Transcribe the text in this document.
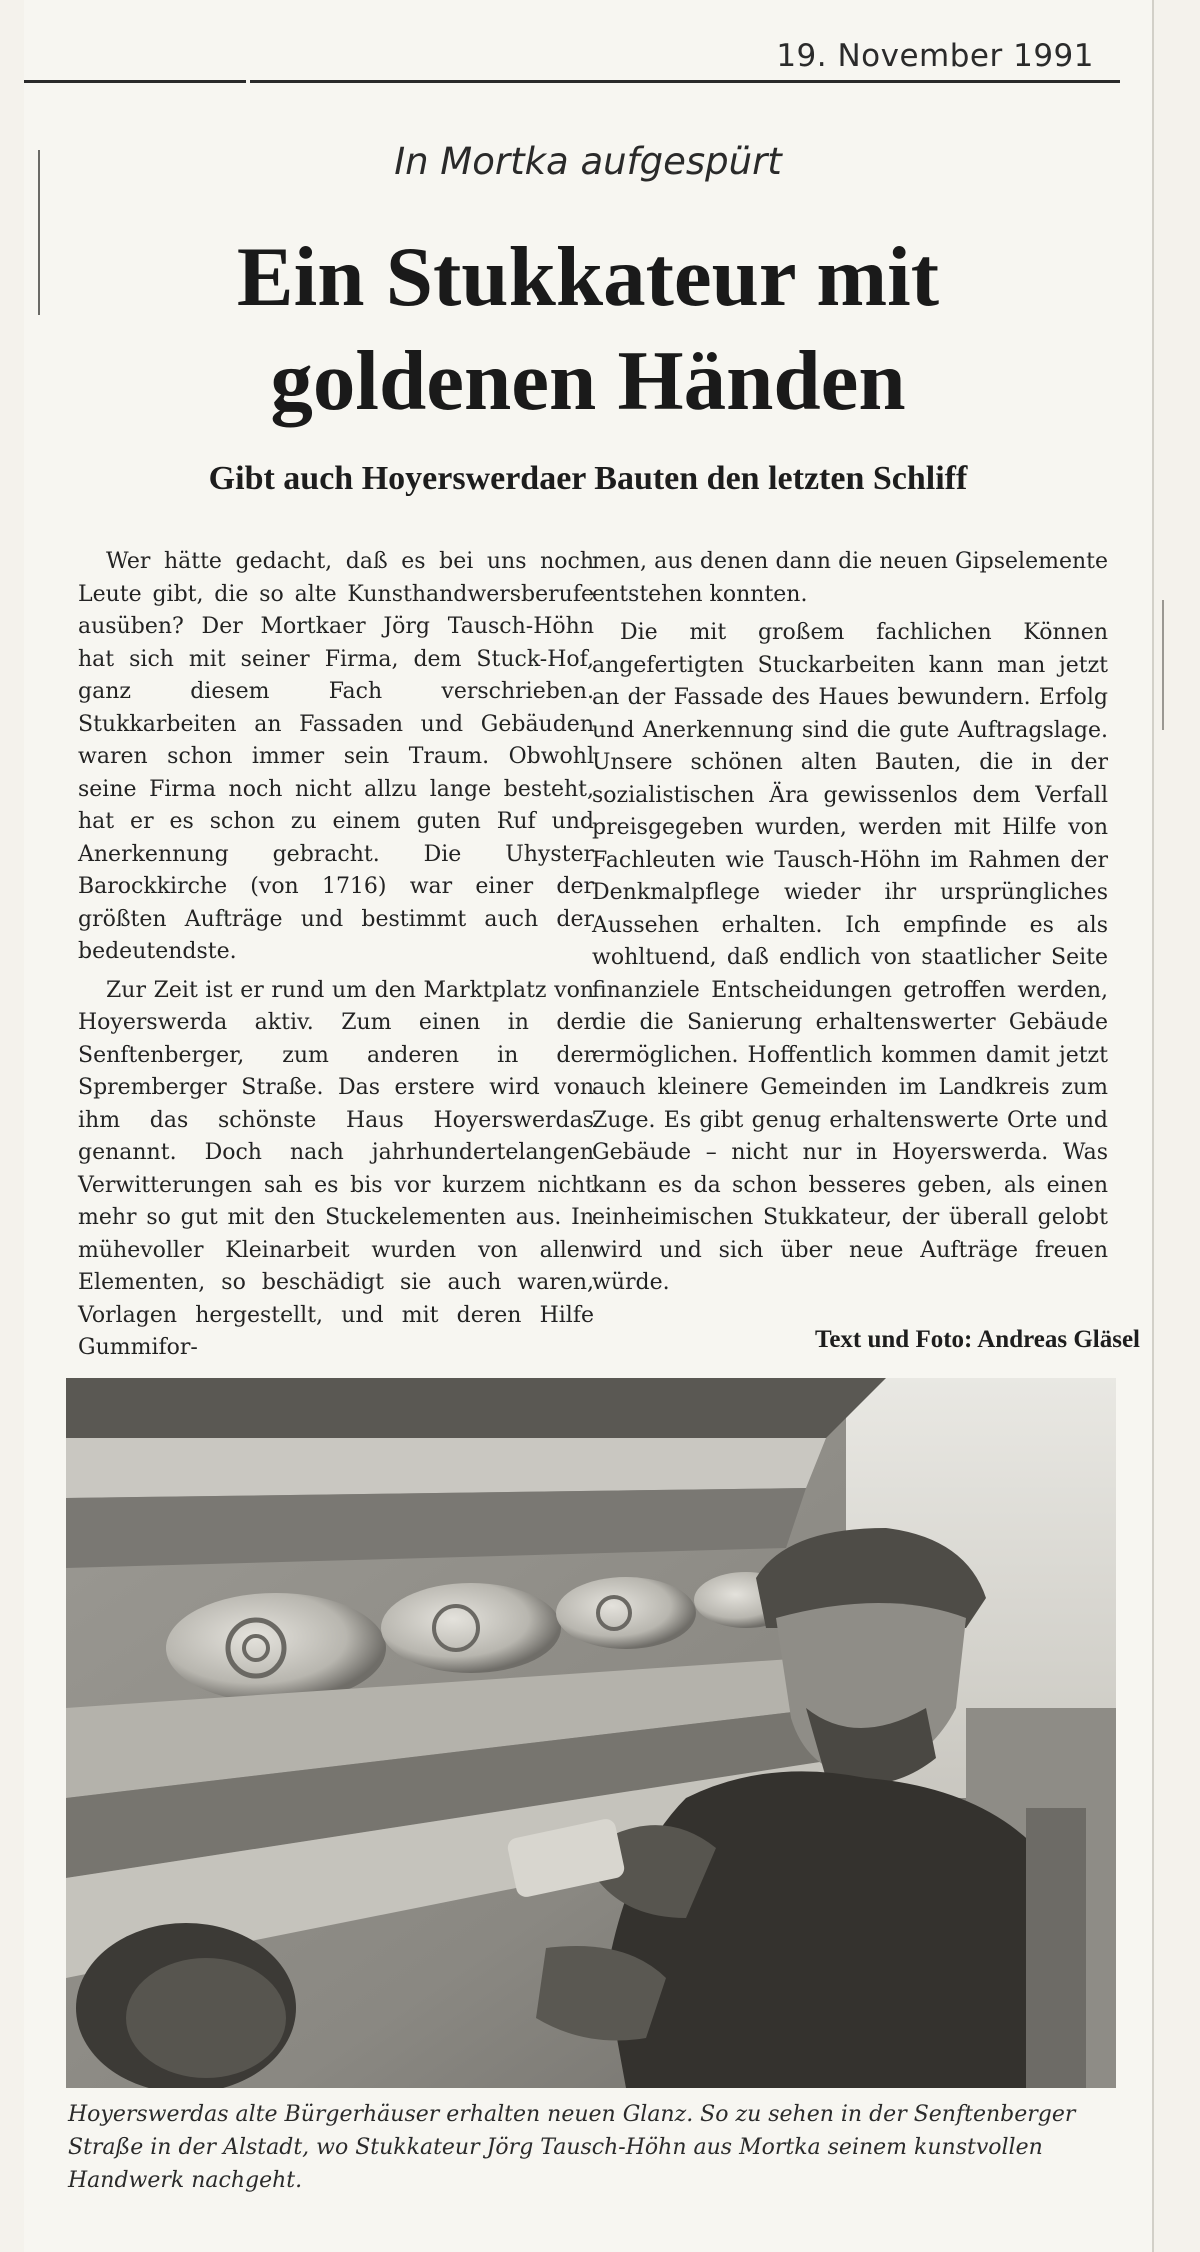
19. November 1991
In Mortka aufgespürt
Ein Stukkateur mit
goldenen Händen
Gibt auch Hoyerswerdaer Bauten den letzten Schliff

Wer hätte gedacht, daß es bei uns noch Leute gibt, die so alte Kunsthandwersberufe ausüben? Der Mortkaer Jörg Tausch-Höhn hat sich mit seiner Firma, dem Stuck-Hof, ganz diesem Fach verschrieben. Stukkarbeiten an Fassaden und Gebäuden waren schon immer sein Traum. Obwohl seine Firma noch nicht allzu lange besteht, hat er es schon zu einem guten Ruf und Anerkennung gebracht. Die Uhyster Barockkirche (von 1716) war einer der größten Aufträge und bestimmt auch der bedeutendste.

Zur Zeit ist er rund um den Marktplatz von Hoyerswerda aktiv. Zum einen in der Senftenberger, zum anderen in der Spremberger Straße. Das erstere wird von ihm das schönste Haus Hoyerswerdas genannt. Doch nach jahrhundertelangen Verwitterungen sah es bis vor kurzem nicht mehr so gut mit den Stuckelementen aus. In mühevoller Kleinarbeit wurden von allen Elementen, so beschädigt sie auch waren, Vorlagen hergestellt, und mit deren Hilfe Gummifor-

men, aus denen dann die neuen Gipselemente entstehen konnten.

Die mit großem fachlichen Können angefertigten Stuckarbeiten kann man jetzt an der Fassade des Haues bewundern. Erfolg und Anerkennung sind die gute Auftragslage. Unsere schönen alten Bauten, die in der sozialistischen Ära gewissenlos dem Verfall preisgegeben wurden, werden mit Hilfe von Fachleuten wie Tausch-Höhn im Rahmen der Denkmalpflege wieder ihr ursprüngliches Aussehen erhalten. Ich empfinde es als wohltuend, daß endlich von staatlicher Seite finanziele Entscheidungen getroffen werden, die die Sanierung erhaltenswerter Gebäude ermöglichen. Hoffentlich kommen damit jetzt auch kleinere Gemeinden im Landkreis zum Zuge. Es gibt genug erhaltenswerte Orte und Gebäude – nicht nur in Hoyerswerda. Was kann es da schon besseres geben, als einen einheimischen Stukkateur, der überall gelobt wird und sich über neue Aufträge freuen würde.

Text und Foto: Andreas Gläsel
Hoyerswerdas alte Bürgerhäuser erhalten neuen Glanz. So zu sehen in der Senftenberger Straße in der Alstadt, wo Stukkateur Jörg Tausch-Höhn aus Mortka seinem kunstvollen Handwerk nachgeht.
